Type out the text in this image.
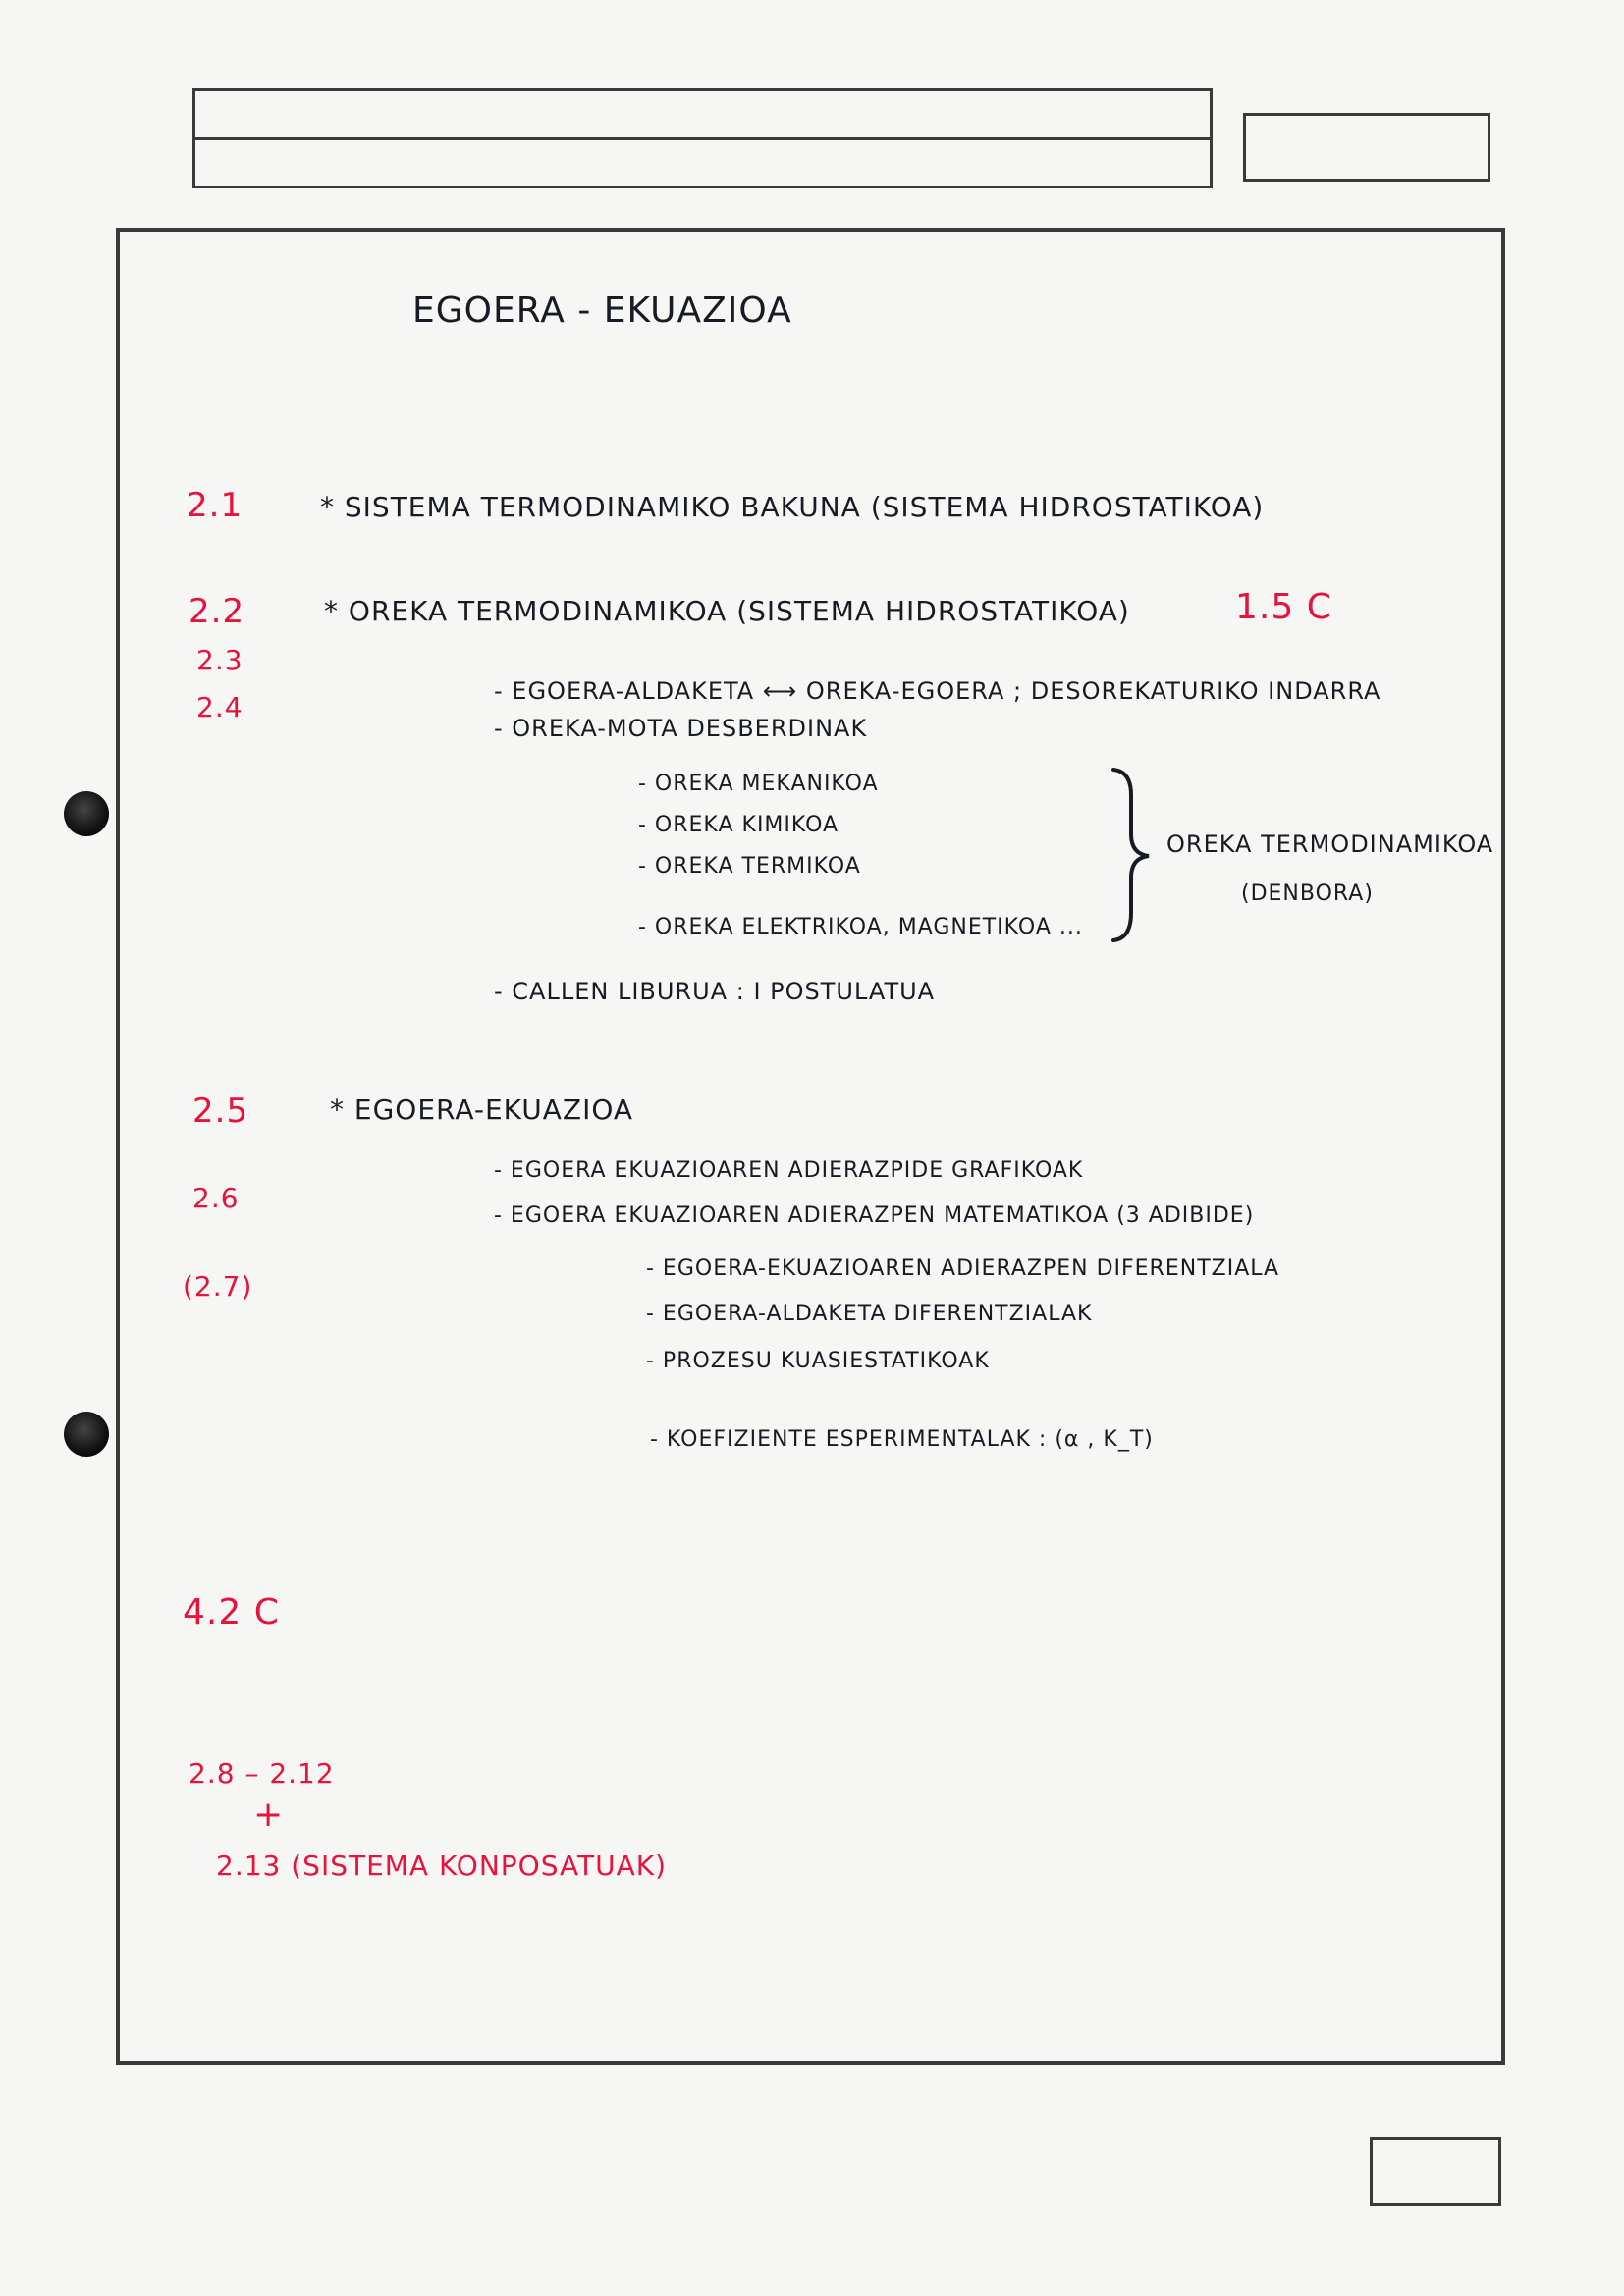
EGOERA - EKUAZIOA
2.1
2.2
2.3
2.4
2.5
2.6
(2.7)
* SISTEMA TERMODINAMIKO BAKUNA (SISTEMA HIDROSTATIKOA)
* OREKA TERMODINAMIKOA (SISTEMA HIDROSTATIKOA)	1.5 C
- EGOERA-ALDAKETA ⟷ OREKA-EGOERA ; DESOREKATURIKO INDARRA
- OREKA-MOTA DESBERDINAK
- OREKA MEKANIKOA
- OREKA KIMIKOA
- OREKA TERMIKOA
- OREKA ELEKTRIKOA, MAGNETIKOA ...
OREKA TERMODINAMIKOA
(DENBORA)
- CALLEN LIBURUA : I POSTULATUA
* EGOERA-EKUAZIOA
- EGOERA EKUAZIOAREN ADIERAZPIDE GRAFIKOAK
- EGOERA EKUAZIOAREN ADIERAZPEN MATEMATIKOA (3 ADIBIDE)
- EGOERA-EKUAZIOAREN ADIERAZPEN DIFERENTZIALA
- EGOERA-ALDAKETA DIFERENTZIALAK
- PROZESU KUASIESTATIKOAK
- KOEFIZIENTE ESPERIMENTALAK : (α , K_T)
4.2 C
2.8 – 2.12
+
2.13 (SISTEMA KONPOSATUAK)
